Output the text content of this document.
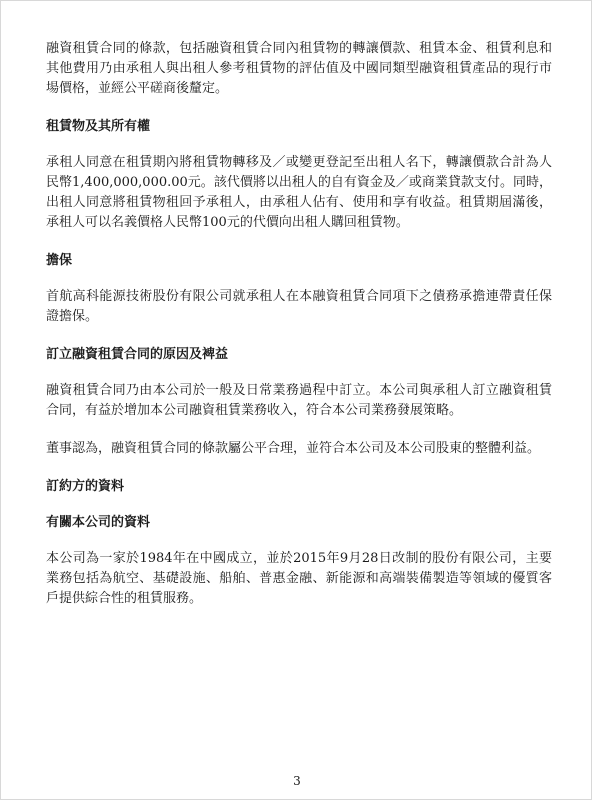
融資租賃合同的條款，包括融資租賃合同內租賃物的轉讓價款、租賃本金、租賃利息和其他費用乃由承租人與出租人參考租賃物的評估值及中國同類型融資租賃產品的現行市場價格，並經公平磋商後釐定。

租賃物及其所有權

承租人同意在租賃期內將租賃物轉移及／或變更登記至出租人名下，轉讓價款合計為人民幣1,400,000,000.00元。該代價將以出租人的自有資金及／或商業貸款支付。同時，出租人同意將租賃物租回予承租人，由承租人佔有、使用和享有收益。租賃期屆滿後，承租人可以名義價格人民幣100元的代價向出租人購回租賃物。

擔保

首航高科能源技術股份有限公司就承租人在本融資租賃合同項下之債務承擔連帶責任保證擔保。

訂立融資租賃合同的原因及裨益

融資租賃合同乃由本公司於一般及日常業務過程中訂立。本公司與承租人訂立融資租賃合同，有益於增加本公司融資租賃業務收入，符合本公司業務發展策略。

董事認為，融資租賃合同的條款屬公平合理，並符合本公司及本公司股東的整體利益。

訂約方的資料
有關本公司的資料

本公司為一家於1984年在中國成立，並於2015年9月28日改制的股份有限公司，主要業務包括為航空、基礎設施、船舶、普惠金融、新能源和高端裝備製造等領域的優質客戶提供綜合性的租賃服務。

3
